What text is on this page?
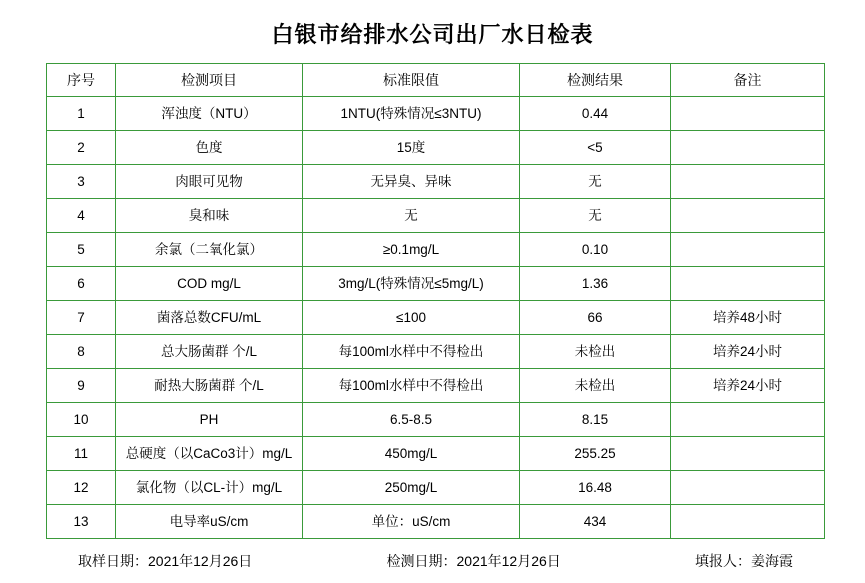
白银市给排水公司出厂水日检表
序号	检测项目	标准限值	检测结果	备注
1	浑浊度（NTU）	1NTU(特殊情况≤3NTU)	0.44	
2	色度	15度	<5	
3	肉眼可见物	无异臭、异味	无	
4	臭和味	无	无	
5	余氯（二氧化氯）	≥0.1mg/L	0.10	
6	COD mg/L	3mg/L(特殊情况≤5mg/L)	1.36	
7	菌落总数CFU/mL	≤100	66	培养48小时
8	总大肠菌群 个/L	每100ml水样中不得检出	未检出	培养24小时
9	耐热大肠菌群 个/L	每100ml水样中不得检出	未检出	培养24小时
10	PH	6.5-8.5	8.15	
11	总硬度（以CaCo3计）mg/L	450mg/L	255.25	
12	氯化物（以CL-计）mg/L	250mg/L	16.48	
13	电导率uS/cm	单位：uS/cm	434	
取样日期：2021年12月26日	检测日期：2021年12月26日	填报人：姜海霞
